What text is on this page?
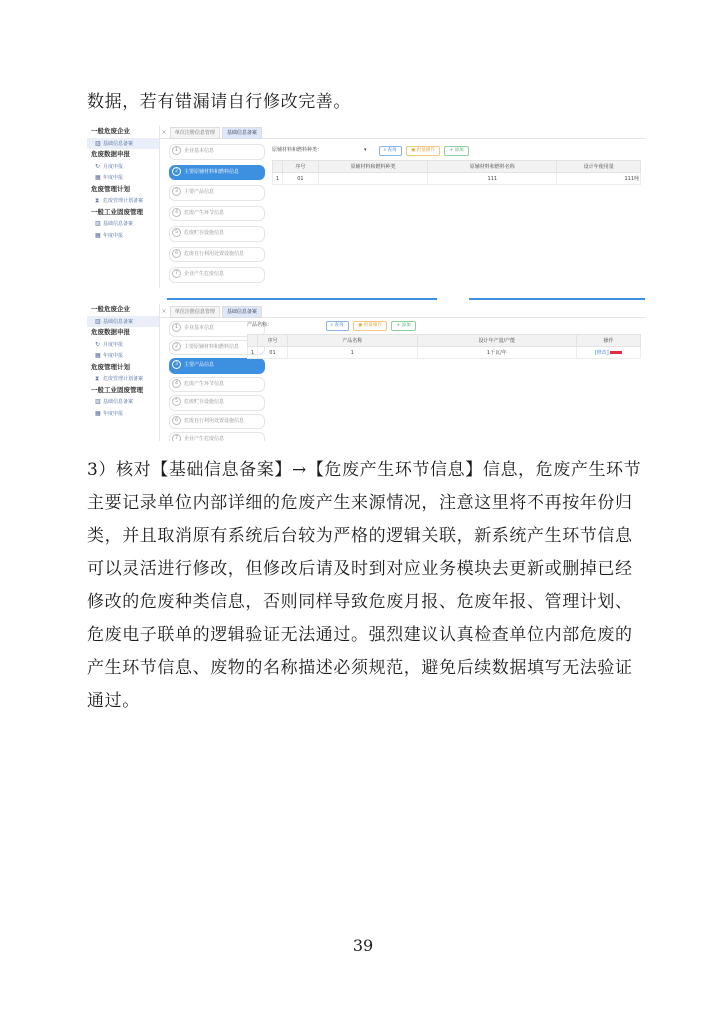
数据，若有错漏请自行修改完善。

一般危废企业
▥ 基础信息备案
危废数据申报
↻ 月度申报
▦ 年度申报
危废管理计划
⧗ 危废管理计划备案
一般工业固废管理
▥ 基础信息备案
▦ 年度申报
× 单位注册信息管理 基础信息备案
1 企业基本信息
2 主要原辅材料和燃料信息
3 主要产品信息
4 危废产生环节信息
5 危废贮存设施信息
6 危废自行利用处置设施信息
7 企业产生危废信息
原辅材料和燃料种类：	▾	⌕ 查询	▣ 批量操作	+ 添加
	序号	原辅材料和燃料种类	原辅材料和燃料名称	设计年使用量
1	01		111	111吨
一般危废企业
▥ 基础信息备案
危废数据申报
↻ 月度申报
▦ 年度申报
危废管理计划
⧗ 危废管理计划备案
一般工业固废管理
▥ 基础信息备案
▦ 年度申报
× 单位注册信息管理 基础信息备案
1 企业基本信息
2 主要原辅材料和燃料信息
3 主要产品信息
4 危废产生环节信息
5 危废贮存设施信息
6 危废自行利用处置设施信息
7 企业产生危废信息
产品名称：	⌕ 查询	▣ 批量操作	+ 添加
	序号	产品名称	设计年产量/产能	操作
1	01	1	1千瓦/年	[修改]

3）核对【基础信息备案】→【危废产生环节信息】信息，危废产生环节主要记录单位内部详细的危废产生来源情况，注意这里将不再按年份归类，并且取消原有系统后台较为严格的逻辑关联，新系统产生环节信息可以灵活进行修改，但修改后请及时到对应业务模块去更新或删掉已经修改的危废种类信息，否则同样导致危废月报、危废年报、管理计划、危废电子联单的逻辑验证无法通过。强烈建议认真检查单位内部危废的产生环节信息、废物的名称描述必须规范，避免后续数据填写无法验证通过。

39
